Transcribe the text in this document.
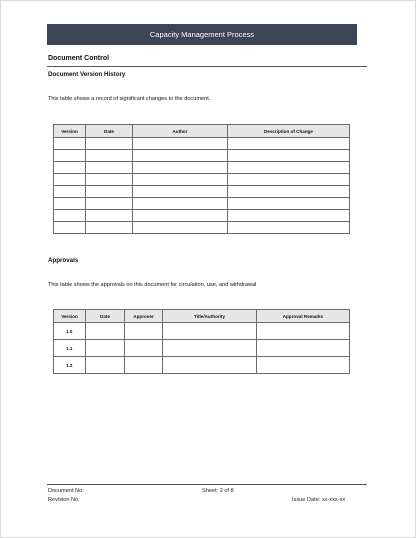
Capacity Management Process
Document Control
Document Version History
This table shows a record of significant changes to the document.
Version	Date	Author	Description of Change

Approvals
This table shows the approvals on this document for circulation, use, and withdrawal
Version	Date	Approver	Title/Authority	Approval Remarks
1.0				
1.1				
1.2				
Document No:
Revision No:
Sheet: 2 of 8
Issue Date: xx-xxx-xx
